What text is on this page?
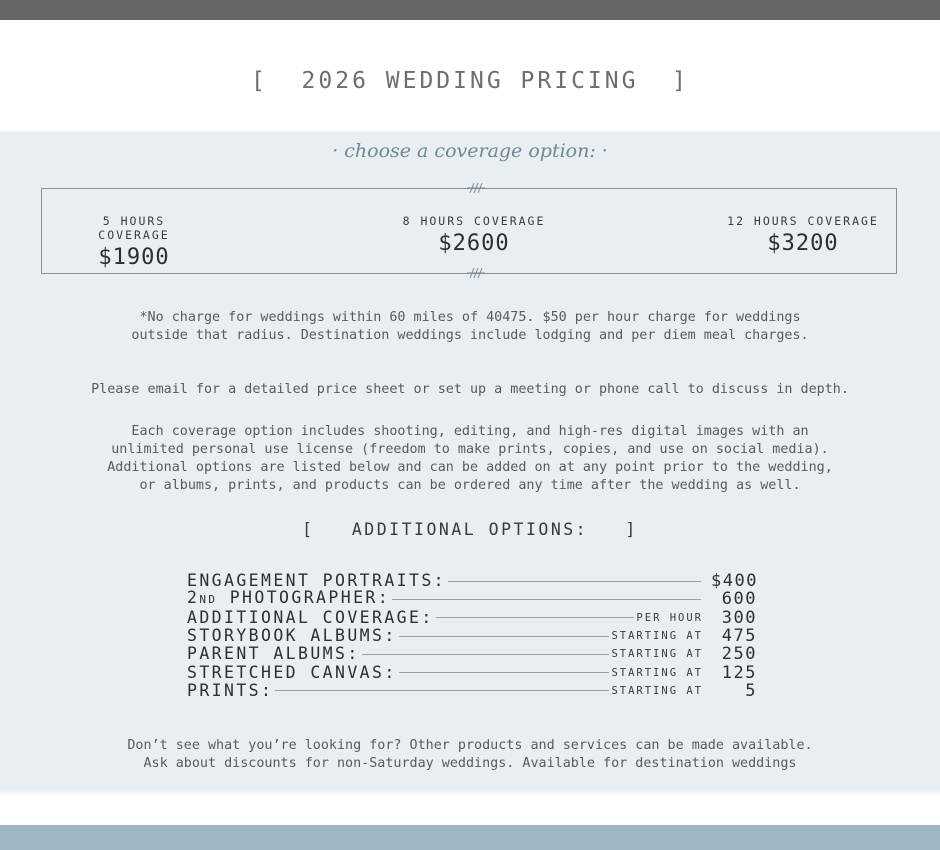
[  2026 WEDDING PRICING  ]
· choose a coverage option: ·
5 HOURS COVERAGE
$1900
8 HOURS COVERAGE
$2600
12 HOURS COVERAGE
$3200
*No charge for weddings within 60 miles of 40475. $50 per hour charge for weddings
outside that radius. Destination weddings include lodging and per diem meal charges.
Please email for a detailed price sheet or set up a meeting or phone call to discuss in depth.
Each coverage option includes shooting, editing, and high-res digital images with an
unlimited personal use license (freedom to make prints, copies, and use on social media).
Additional options are listed below and can be added on at any point prior to the wedding,
or albums, prints, and products can be ordered any time after the wedding as well.
[   ADDITIONAL OPTIONS:   ]
ENGAGEMENT PORTRAITS:	$400
2ND PHOTOGRAPHER:	600
ADDITIONAL COVERAGE:	PER HOUR	300
STORYBOOK ALBUMS:	STARTING AT	475
PARENT ALBUMS:	STARTING AT	250
STRETCHED CANVAS:	STARTING AT	125
PRINTS:	STARTING AT	5
Don’t see what you’re looking for? Other products and services can be made available.
Ask about discounts for non-Saturday weddings. Available for destination weddings
